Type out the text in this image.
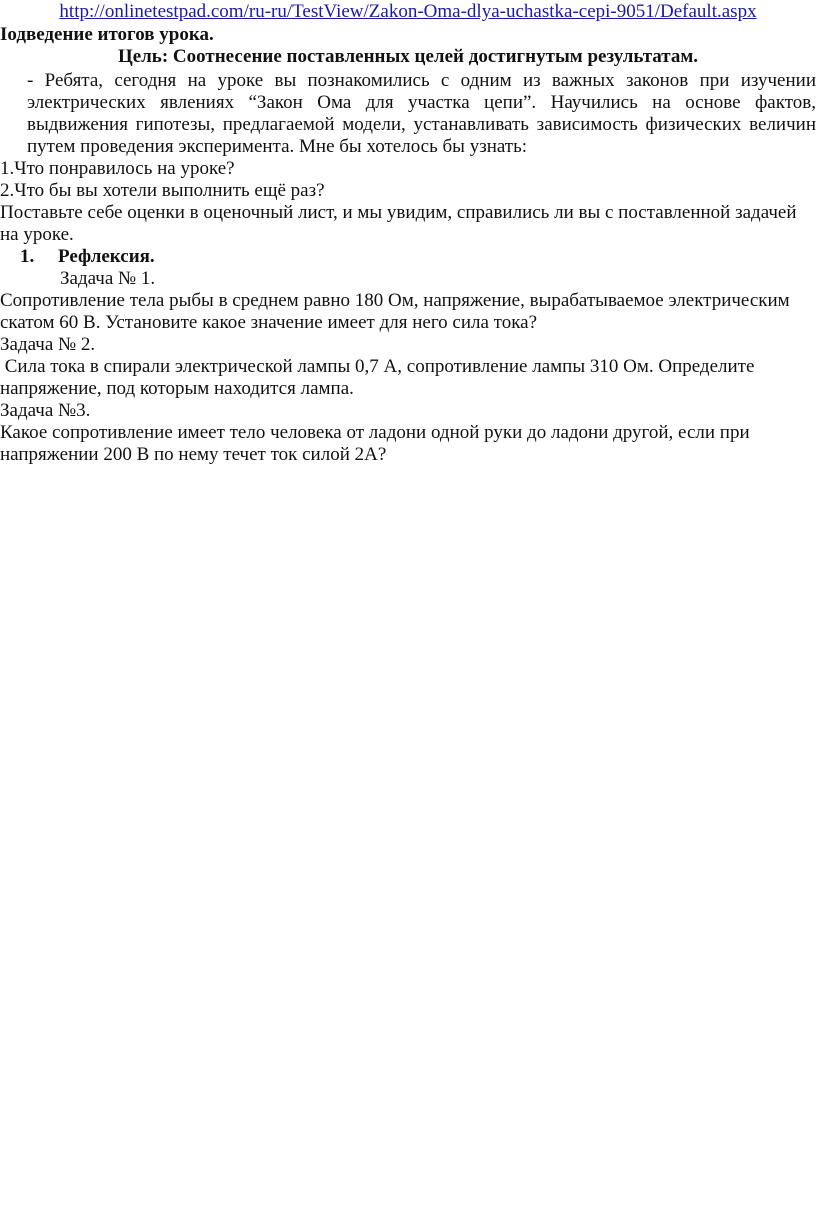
http://onlinetestpad.com/ru-ru/TestView/Zakon-Oma-dlya-uchastka-cepi-9051/Default.aspx
Іодведение итогов урока.
Цель: Соотнесение поставленных целей достигнутым результатам.
- Ребята, сегодня на уроке вы познакомились с одним из важных законов при изучении
электрических явлениях “Закон Ома для участка цепи”. Научились на основе фактов,
выдвижения гипотезы, предлагаемой модели, устанавливать зависимость физических величин
путем проведения эксперимента. Мне бы хотелось бы узнать:
1.Что понравилось на уроке?
2.Что бы вы хотели выполнить ещё раз?
Поставьте себе оценки в оценочный лист, и мы увидим, справились ли вы с поставленной задачей
на уроке.
1. Рефлексия.
Задача № 1.
Сопротивление тела рыбы в среднем равно 180 Ом, напряжение, вырабатываемое электрическим
скатом 60 В. Установите какое значение имеет для него сила тока?
Задача № 2.
Сила тока в спирали электрической лампы 0,7 А, сопротивление лампы 310 Ом. Определите
напряжение, под которым находится лампа.
Задача №3.
Какое сопротивление имеет тело человека от ладони одной руки до ладони другой, если при
напряжении 200 В по нему течет ток силой 2А?
